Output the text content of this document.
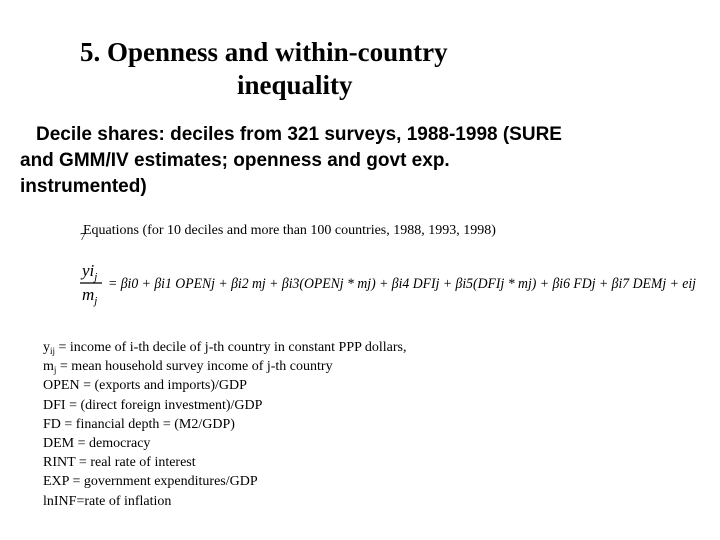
5. Openness and within-country
inequality
Decile shares: deciles from 321 surveys, 1988-1998 (SURE
and GMM/IV estimates; openness and govt exp.
instrumented)
7
Equations (for 10 deciles and more than 100 countries, 1988, 1993, 1998)
$yi_j$
$m_j$
= βi0 + βi1 OPENj + βi2 mj + βi3(OPENj * mj) + βi4 DFIj + βi5(DFIj * mj) + βi6 FDj + βi7 DEMj + eij
$y_{ij}$ = income of i-th decile of j-th country in constant PPP dollars,
$m_j$ = mean household survey income of j-th country
OPEN = (exports and imports)/GDP
DFI = (direct foreign investment)/GDP
FD = financial depth = (M2/GDP)
DEM = democracy
RINT = real rate of interest
EXP = government expenditures/GDP
lnINF=rate of inflation
